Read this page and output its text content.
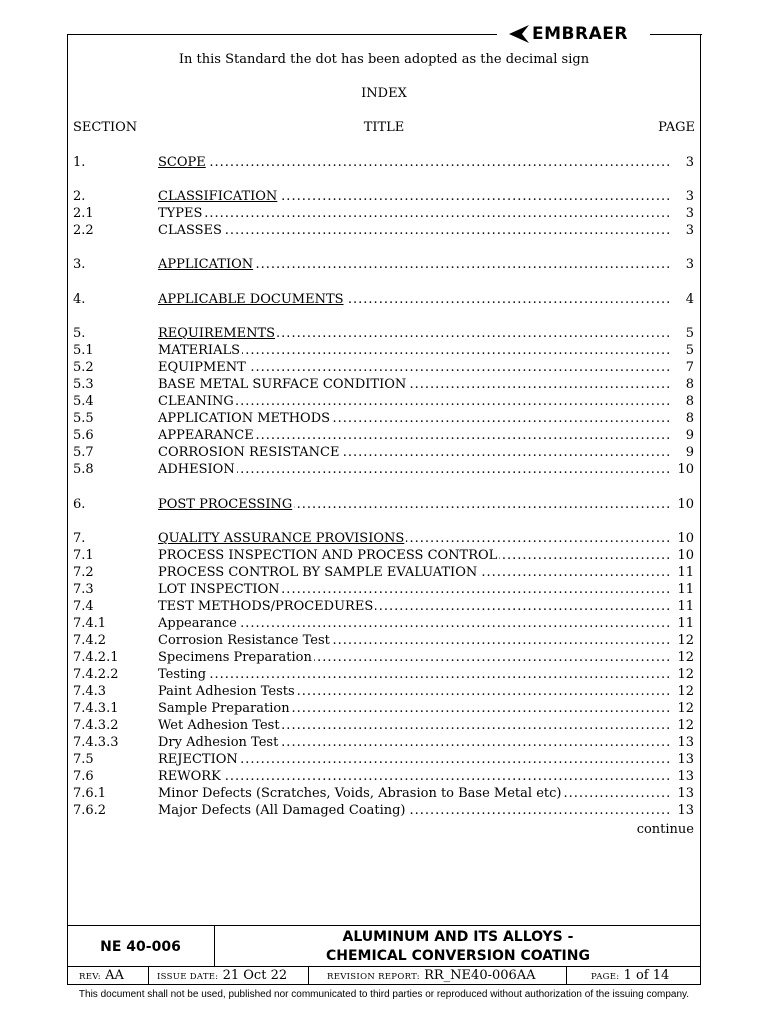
EMBRAER
In this Standard the dot has been adopted as the decimal sign
INDEX
SECTION	TITLE	PAGE
1.	SCOPE .....	3
2.	CLASSIFICATION .....	3
2.1	TYPES .....	3
2.2	CLASSES .....	3
3.	APPLICATION .....	3
4.	APPLICABLE DOCUMENTS .....	4
5.	REQUIREMENTS .....	5
5.1	MATERIALS .....	5
5.2	EQUIPMENT .....	7
5.3	BASE METAL SURFACE CONDITION .....	8
5.4	CLEANING .....	8
5.5	APPLICATION METHODS .....	8
5.6	APPEARANCE .....	9
5.7	CORROSION RESISTANCE .....	9
5.8	ADHESION .....	10
6.	POST PROCESSING .....	10
7.	QUALITY ASSURANCE PROVISIONS .....	10
7.1	PROCESS INSPECTION AND PROCESS CONTROL .....	10
7.2	PROCESS CONTROL BY SAMPLE EVALUATION .....	11
7.3	LOT INSPECTION .....	11
7.4	TEST METHODS/PROCEDURES .....	11
7.4.1	Appearance .....	11
7.4.2	Corrosion Resistance Test .....	12
7.4.2.1	Specimens Preparation .....	12
7.4.2.2	Testing .....	12
7.4.3	Paint Adhesion Tests .....	12
7.4.3.1	Sample Preparation .....	12
7.4.3.2	Wet Adhesion Test .....	12
7.4.3.3	Dry Adhesion Test .....	13
7.5	REJECTION .....	13
7.6	REWORK .....	13
7.6.1	Minor Defects (Scratches, Voids, Abrasion to Base Metal etc) .....	13
7.6.2	Major Defects (All Damaged Coating) .....	13
continue
NE 40-006
ALUMINUM AND ITS ALLOYS -
CHEMICAL CONVERSION COATING
REV: AA	ISSUE DATE: 21 Oct 22	REVISION REPORT: RR_NE40-006AA	PAGE: 1 of 14
This document shall not be used, published nor communicated to third parties or reproduced without authorization of the issuing company.
